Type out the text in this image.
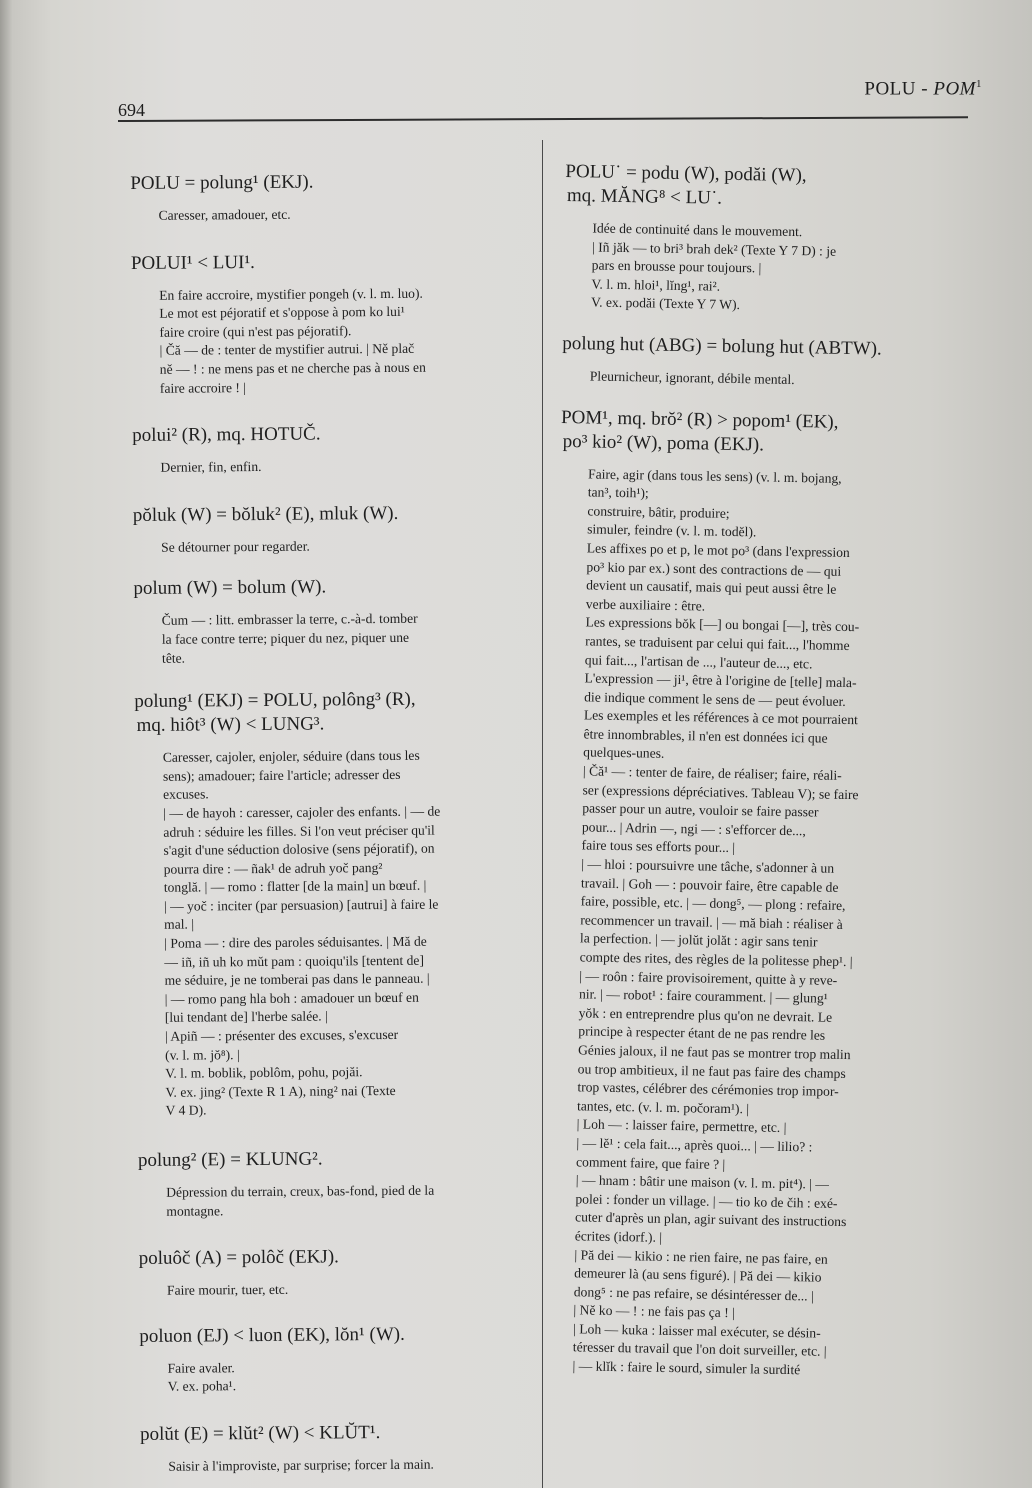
694
POLU - POM$^1$
POLU = polung¹ (EKJ).
Caresser, amadouer, etc.
POLUI¹ < LUI¹.
En faire accroire, mystifier pongeh (v. l. m. luo).
Le mot est péjoratif et s'oppose à pom ko lui¹
faire croire (qui n'est pas péjoratif).
| Čă — de : tenter de mystifier autrui. | Ně plač
ně — ! : ne mens pas et ne cherche pas à nous en
faire accroire ! |
polui² (R), mq. HOTUČ.
Dernier, fin, enfin.
pŏluk (W) = bŏluk² (E), mluk (W).
Se détourner pour regarder.
polum (W) = bolum (W).
Čum — : litt. embrasser la terre, c.-à-d. tomber
la face contre terre; piquer du nez, piquer une
tête.
polung¹ (EKJ) = POLU, polông³ (R),
mq. hiôt³ (W) < LUNG³.
Caresser, cajoler, enjoler, séduire (dans tous les
sens); amadouer; faire l'article; adresser des
excuses.
| — de hayoh : caresser, cajoler des enfants. | — de
adruh : séduire les filles. Si l'on veut préciser qu'il
s'agit d'une séduction dolosive (sens péjoratif), on
pourra dire : — ñak¹ de adruh yoč pang²
tonglă. | — romo : flatter [de la main] un bœuf. |
| — yoč : inciter (par persuasion) [autrui] à faire le
mal. |
| Poma — : dire des paroles séduisantes. | Mă de
— iñ, iñ uh ko mŭt pam : quoiqu'ils [tentent de]
me séduire, je ne tomberai pas dans le panneau. |
| — romo pang hla boh : amadouer un bœuf en
[lui tendant de] l'herbe salée. |
| Apiñ — : présenter des excuses, s'excuser
(v. l. m. jŏ⁸). |
V. l. m. boblik, poblôm, pohu, pojăi.
V. ex. jing² (Texte R 1 A), ning² nai (Texte
V 4 D).
polung² (E) = KLUNG².
Dépression du terrain, creux, bas-fond, pied de la
montagne.
poluôč (A) = polôč (EKJ).
Faire mourir, tuer, etc.
poluon (EJ) < luon (EK), lŏn¹ (W).
Faire avaler.
V. ex. poha¹.
polŭt (E) = klŭt² (W) < KLŬT¹.
Saisir à l'improviste, par surprise; forcer la main.
POLU˙ = podu (W), podăi (W),
mq. MĂNG⁸ < LU˙.
Idée de continuité dans le mouvement.
| Iñ jăk — to bri³ brah dek² (Texte Y 7 D) : je
pars en brousse pour toujours. |
V. l. m. hloi¹, lĭng¹, rai².
V. ex. podăi (Texte Y 7 W).
polung hut (ABG) = bolung hut (ABTW).
Pleurnicheur, ignorant, débile mental.
POM¹, mq. brŏ² (R) > popom¹ (EK),
po³ kio² (W), poma (EKJ).
Faire, agir (dans tous les sens) (v. l. m. bojang,
tan³, toih¹);
construire, bâtir, produire;
simuler, feindre (v. l. m. todĕl).
Les affixes po et p, le mot po³ (dans l'expression
po³ kio par ex.) sont des contractions de — qui
devient un causatif, mais qui peut aussi être le
verbe auxiliaire : être.
Les expressions bŏk [—] ou bongai [—], très cou-
rantes, se traduisent par celui qui fait..., l'homme
qui fait..., l'artisan de ..., l'auteur de..., etc.
L'expression — ji¹, être à l'origine de [telle] mala-
die indique comment le sens de — peut évoluer.
Les exemples et les références à ce mot pourraient
être innombrables, il n'en est données ici que
quelques-unes.
| Čă¹ — : tenter de faire, de réaliser; faire, réali-
ser (expressions dépréciatives. Tableau V); se faire
passer pour un autre, vouloir se faire passer
pour... | Adrin —, ngi — : s'efforcer de...,
faire tous ses efforts pour... |
| — hloi : poursuivre une tâche, s'adonner à un
travail. | Goh — : pouvoir faire, être capable de
faire, possible, etc. | — dong⁵, — plong : refaire,
recommencer un travail. | — mă biah : réaliser à
la perfection. | — jolŭt jolăt : agir sans tenir
compte des rites, des règles de la politesse phep¹. |
| — roôn : faire provisoirement, quitte à y reve-
nir. | — robot¹ : faire couramment. | — glung¹
yŏk : en entreprendre plus qu'on ne devrait. Le
principe à respecter étant de ne pas rendre les
Génies jaloux, il ne faut pas se montrer trop malin
ou trop ambitieux, il ne faut pas faire des champs
trop vastes, célébrer des cérémonies trop impor-
tantes, etc. (v. l. m. počoram¹). |
| Loh — : laisser faire, permettre, etc. |
| — lĕ¹ : cela fait..., après quoi... | — lilio? :
comment faire, que faire ? |
| — hnam : bâtir une maison (v. l. m. pit⁴). | —
polei : fonder un village. | — tio ko de čih : exé-
cuter d'après un plan, agir suivant des instructions
écrites (idorf.). |
| Pă dei — kikio : ne rien faire, ne pas faire, en
demeurer là (au sens figuré). | Pă dei — kikio
dong⁵ : ne pas refaire, se désintéresser de... |
| Ně ko — ! : ne fais pas ça ! |
| Loh — kuka : laisser mal exécuter, se désin-
téresser du travail que l'on doit surveiller, etc. |
| — klĭk : faire le sourd, simuler la surdité
